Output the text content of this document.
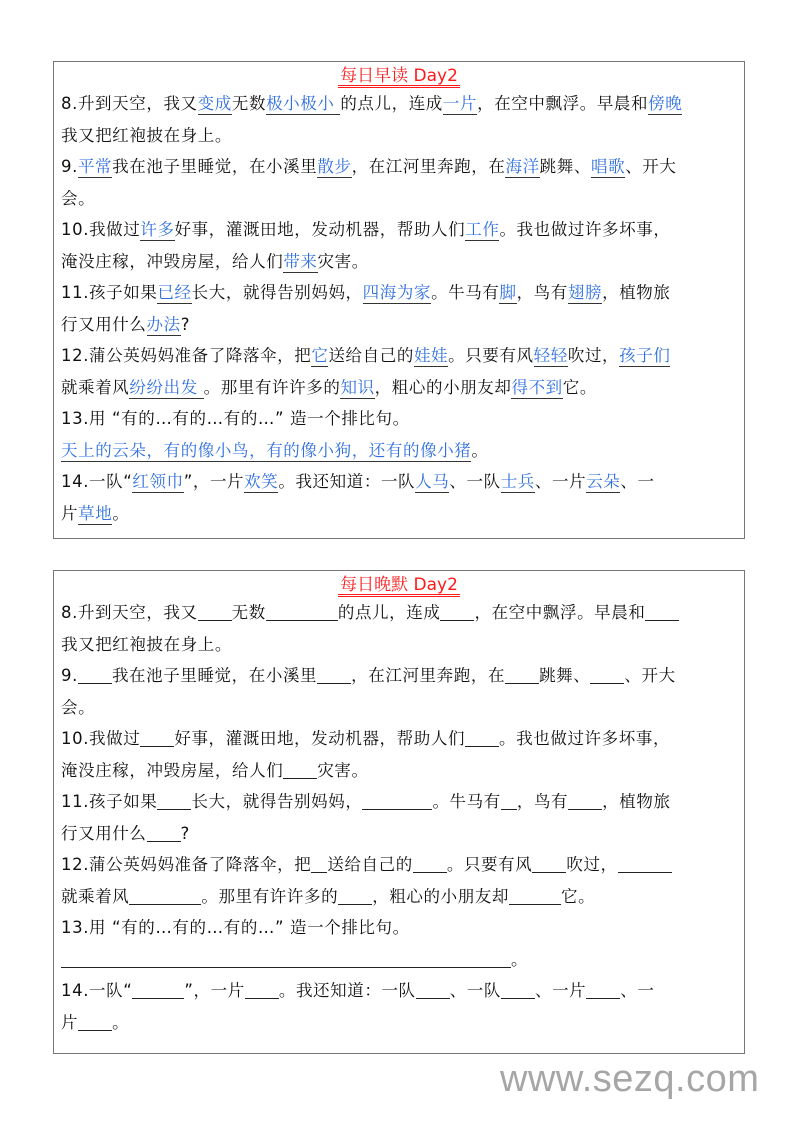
每日早读 Day2
8.升到天空，我又变成无数极小极小 的点儿，连成一片，在空中飘浮。早晨和傍晚
我又把红袍披在身上。
9.平常我在池子里睡觉，在小溪里散步，在江河里奔跑，在海洋跳舞、唱歌、开大
会。
10.我做过许多好事，灌溉田地，发动机器，帮助人们工作。我也做过许多坏事，
淹没庄稼，冲毁房屋，给人们带来灾害。
11.孩子如果已经长大，就得告别妈妈，四海为家。牛马有脚，鸟有翅膀，植物旅
行又用什么办法?
12.蒲公英妈妈准备了降落伞，把它送给自己的娃娃。只要有风轻轻吹过，孩子们
就乘着风纷纷出发 。那里有许许多的知识，粗心的小朋友却得不到它。
13.用 “有的…有的…有的…” 造一个排比句。
天上的云朵，有的像小鸟，有的像小狗，还有的像小猪。
14.一队“红领巾”，一片欢笑。我还知道：一队人马、一队士兵、一片云朵、一
片草地。
每日晚默 Day2
8.升到天空，我又 无数	的点儿，连成 ，在空中飘浮。早晨和
我又把红袍披在身上。
9. 我在池子里睡觉，在小溪里 ，在江河里奔跑，在 跳舞、 、开大
会。
10.我做过 好事，灌溉田地，发动机器，帮助人们 。我也做过许多坏事，
淹没庄稼，冲毁房屋，给人们 灾害。
11.孩子如果 长大，就得告别妈妈，	。牛马有 ，鸟有 ，植物旅
行又用什么 ?
12.蒲公英妈妈准备了降落伞，把 送给自己的 。只要有风 吹过，
就乘着风	。那里有许许多的 ，粗心的小朋友却	它。
13.用 “有的…有的…有的…” 造一个排比句。
。
14.一队“	”，一片 。我还知道：一队 、一队 、一片 、一
片 。
www.sezq.com
